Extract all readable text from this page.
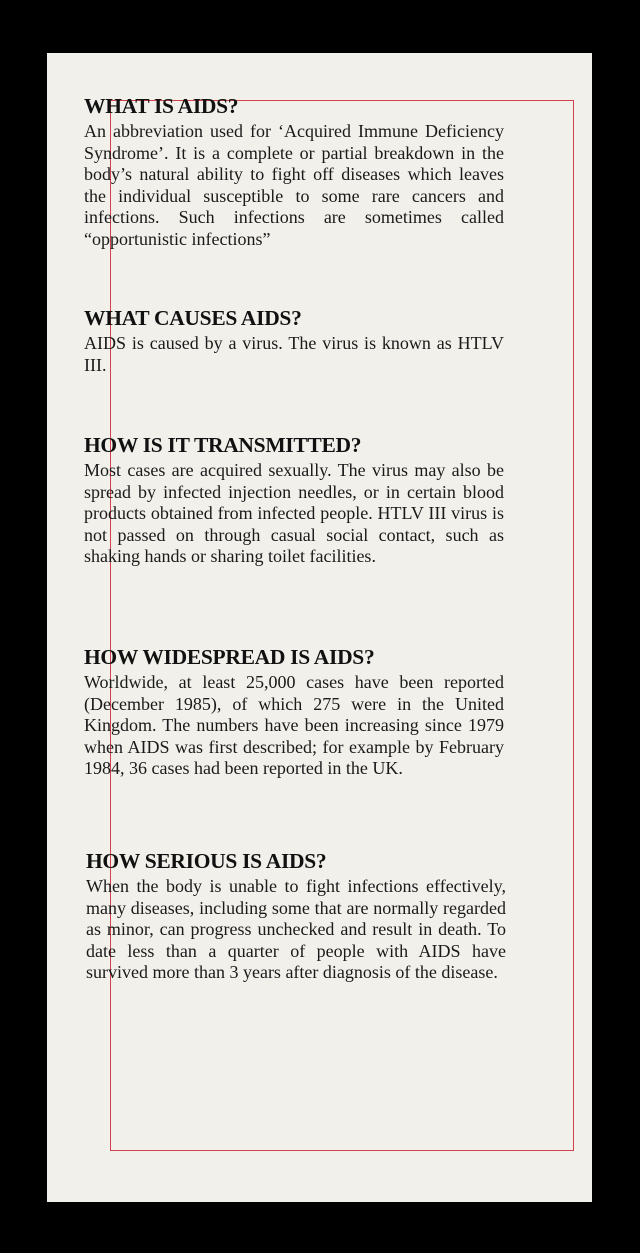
WHAT IS AIDS?

An abbreviation used for ‘Acquired Immune Deficiency Syndrome’. It is a complete or partial breakdown in the body’s natural ability to fight off diseases which leaves the individual susceptible to some rare cancers and infections. Such infections are sometimes called “opportunistic infections”

WHAT CAUSES AIDS?

AIDS is caused by a virus. The virus is known as HTLV III.

HOW IS IT TRANSMITTED?

Most cases are acquired sexually. The virus may also be spread by infected injection needles, or in certain blood products obtained from infected people. HTLV III virus is not passed on through casual social contact, such as shaking hands or sharing toilet facilities.

HOW WIDESPREAD IS AIDS?

Worldwide, at least 25,000 cases have been reported (December 1985), of which 275 were in the United Kingdom. The numbers have been increasing since 1979 when AIDS was first described; for example by February 1984, 36 cases had been reported in the UK.

HOW SERIOUS IS AIDS?

When the body is unable to fight infections effectively, many diseases, including some that are normally regarded as minor, can progress unchecked and result in death. To date less than a quarter of people with AIDS have survived more than 3 years after diagnosis of the disease.
